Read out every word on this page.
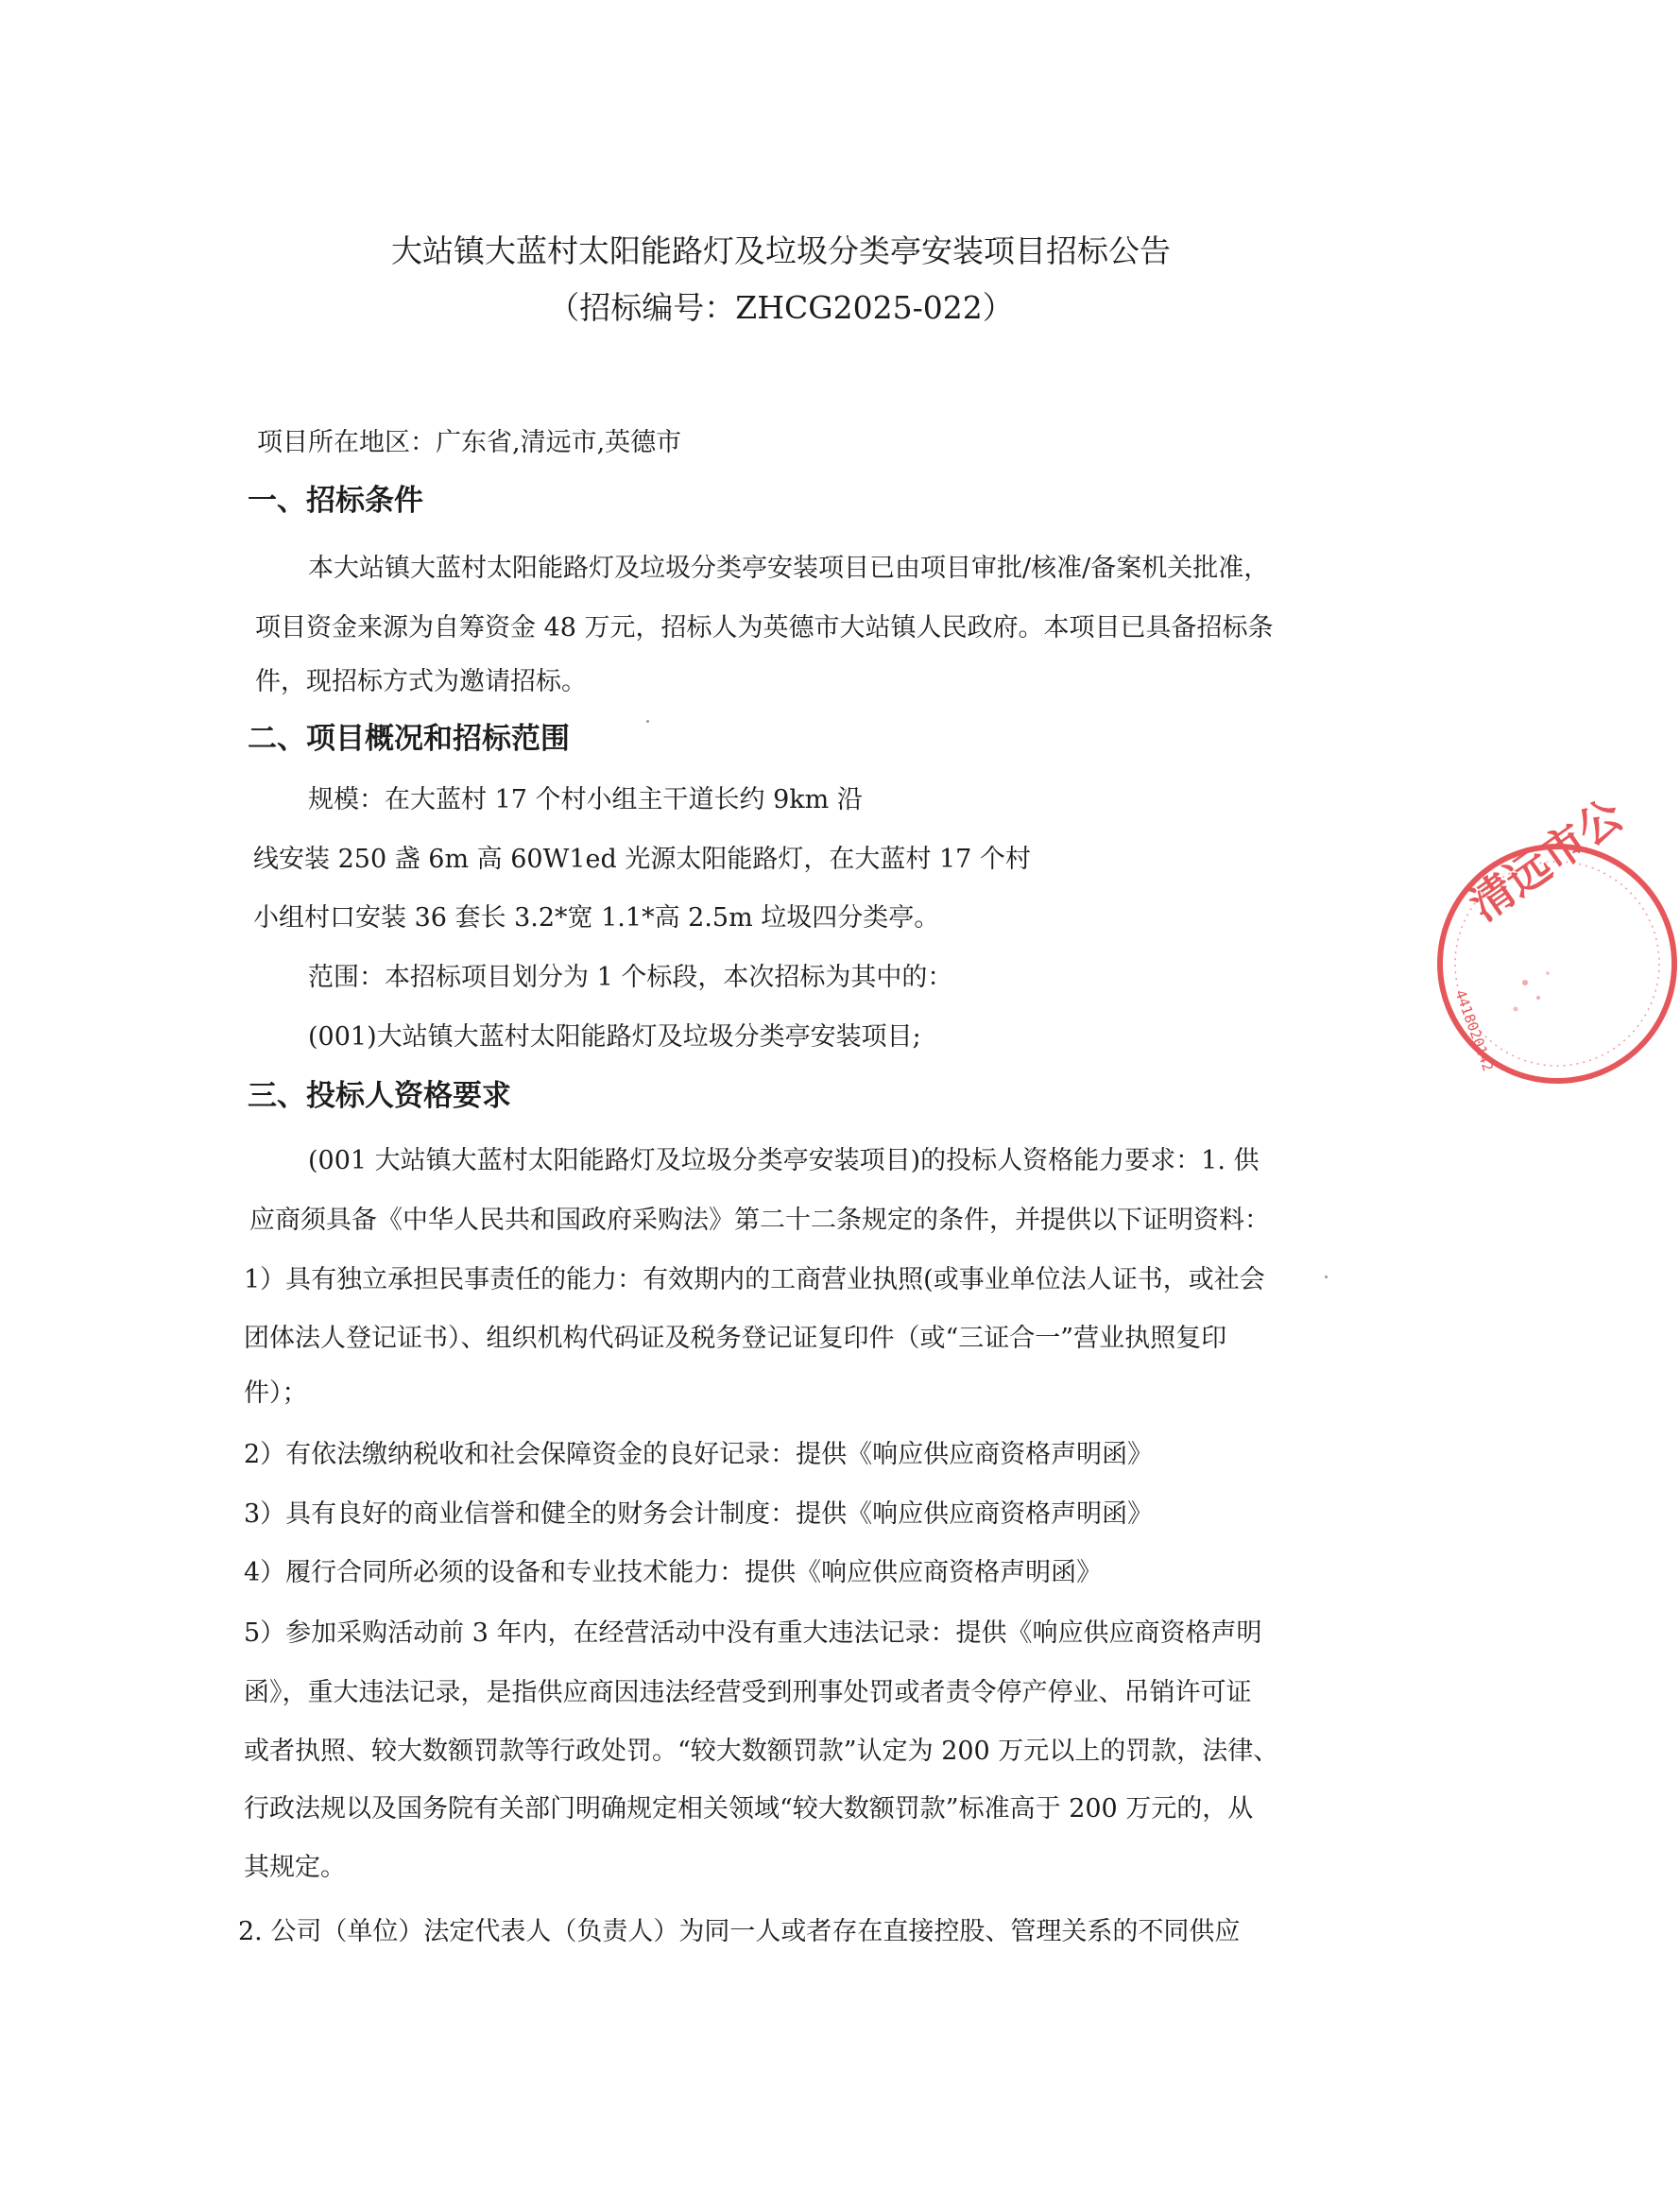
大站镇大蓝村太阳能路灯及垃圾分类亭安装项目招标公告
（招标编号：ZHCG2025-022）
项目所在地区：广东省,清远市,英德市
一、招标条件
本大站镇大蓝村太阳能路灯及垃圾分类亭安装项目已由项目审批/核准/备案机关批准，
项目资金来源为自筹资金 48 万元，招标人为英德市大站镇人民政府。本项目已具备招标条
件，现招标方式为邀请招标。
二、项目概况和招标范围
规模：在大蓝村 17 个村小组主干道长约 9km 沿
线安装 250 盏 6m 高 60W1ed 光源太阳能路灯，在大蓝村 17 个村
小组村口安装 36 套长 3.2*宽 1.1*高 2.5m 垃圾四分类亭。
范围：本招标项目划分为 1 个标段，本次招标为其中的：
(001)大站镇大蓝村太阳能路灯及垃圾分类亭安装项目;
三、投标人资格要求
(001 大站镇大蓝村太阳能路灯及垃圾分类亭安装项目)的投标人资格能力要求：1. 供
应商须具备《中华人民共和国政府采购法》第二十二条规定的条件，并提供以下证明资料：
1）具有独立承担民事责任的能力：有效期内的工商营业执照(或事业单位法人证书，或社会
团体法人登记证书）、组织机构代码证及税务登记证复印件（或“三证合一”营业执照复印
件）；
2）有依法缴纳税收和社会保障资金的良好记录：提供《响应供应商资格声明函》
3）具有良好的商业信誉和健全的财务会计制度：提供《响应供应商资格声明函》
4）履行合同所必须的设备和专业技术能力：提供《响应供应商资格声明函》
5）参加采购活动前 3 年内，在经营活动中没有重大违法记录：提供《响应供应商资格声明
函》，重大违法记录，是指供应商因违法经营受到刑事处罚或者责令停产停业、吊销许可证
或者执照、较大数额罚款等行政处罚。“较大数额罚款”认定为 200 万元以上的罚款，法律、
行政法规以及国务院有关部门明确规定相关领域“较大数额罚款”标准高于 200 万元的，从
其规定。
2. 公司（单位）法定代表人（负责人）为同一人或者存在直接控股、管理关系的不同供应
清远市公
4418020142
